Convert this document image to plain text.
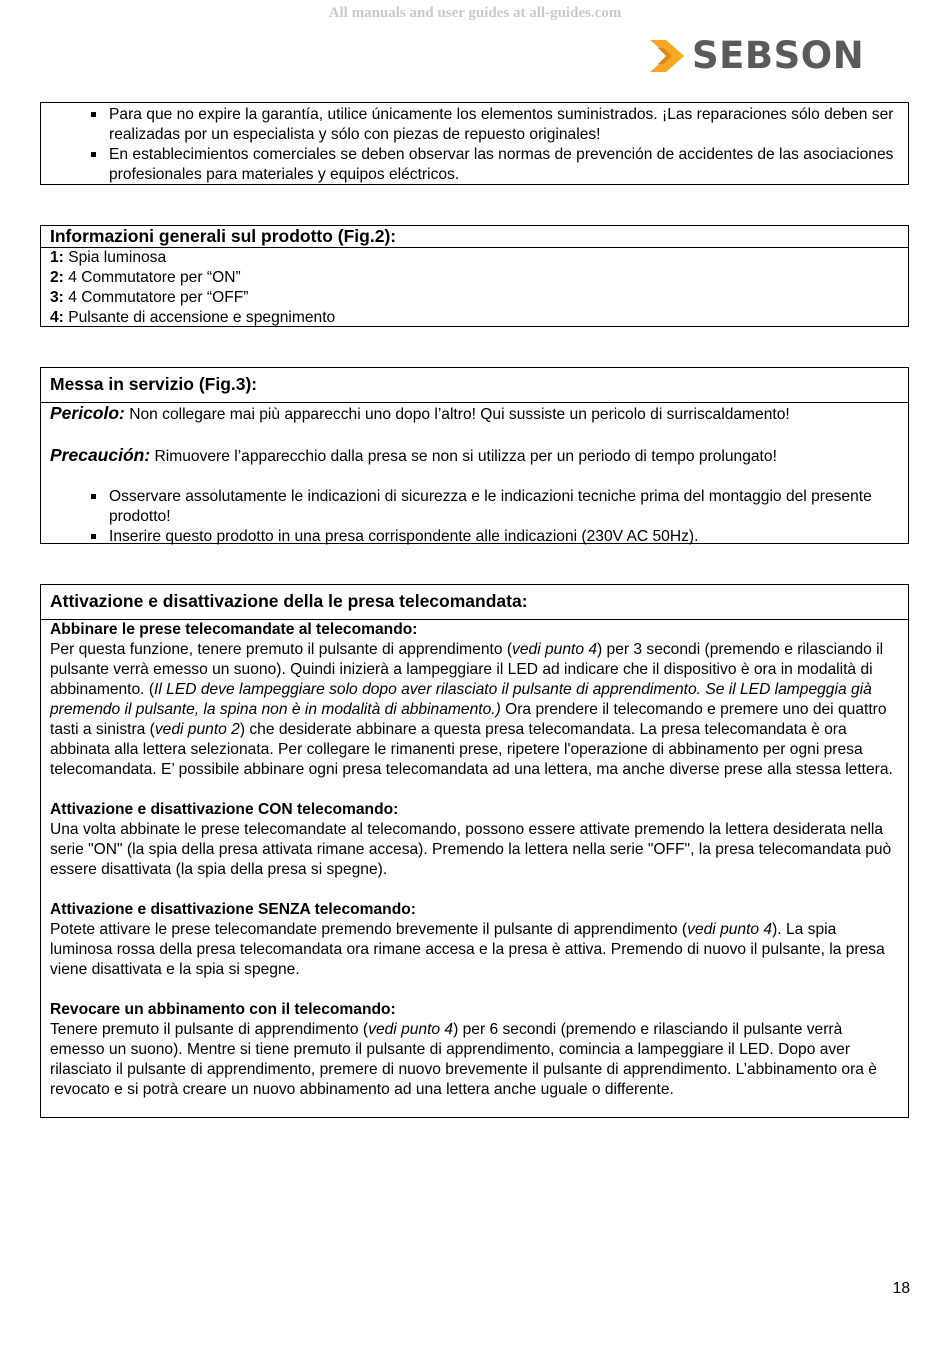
All manuals and user guides at all-guides.com
SEBSON
Para que no expire la garantía, utilice únicamente los elementos suministrados. ¡Las reparaciones sólo deben ser realizadas por un especialista y sólo con piezas de repuesto originales!
En establecimientos comerciales se deben observar las normas de prevención de accidentes de las asociaciones profesionales para materiales y equipos eléctricos.
Informazioni generali sul prodotto (Fig.2):
1: Spia luminosa
2: 4 Commutatore per “ON”
3: 4 Commutatore per “OFF”
4: Pulsante di accensione e spegnimento
Messa in servizio (Fig.3):
Pericolo: Non collegare mai più apparecchi uno dopo l’altro! Qui sussiste un pericolo di surriscaldamento!
Precaución: Rimuovere l’apparecchio dalla presa se non si utilizza per un periodo di tempo prolungato!
Osservare assolutamente le indicazioni di sicurezza e le indicazioni tecniche prima del montaggio del presente prodotto!
Inserire questo prodotto in una presa corrispondente alle indicazioni (230V AC 50Hz).
Attivazione e disattivazione della le presa telecomandata:
Abbinare le prese telecomandate al telecomando:
Per questa funzione, tenere premuto il pulsante di apprendimento (vedi punto 4) per 3 secondi (premendo e rilasciando il pulsante verrà emesso un suono). Quindi inizierà a lampeggiare il LED ad indicare che il dispositivo è ora in modalità di abbinamento. (Il LED deve lampeggiare solo dopo aver rilasciato il pulsante di apprendimento. Se il LED lampeggia già premendo il pulsante, la spina non è in modalità di abbinamento.) Ora prendere il telecomando e premere uno dei quattro tasti a sinistra (vedi punto 2) che desiderate abbinare a questa presa telecomandata. La presa telecomandata è ora abbinata alla lettera selezionata. Per collegare le rimanenti prese, ripetere l'operazione di abbinamento per ogni presa telecomandata. E’ possibile abbinare ogni presa telecomandata ad una lettera, ma anche diverse prese alla stessa lettera.
Attivazione e disattivazione CON telecomando:
Una volta abbinate le prese telecomandate al telecomando, possono essere attivate premendo la lettera desiderata nella serie "ON" (la spia della presa attivata rimane accesa). Premendo la lettera nella serie "OFF", la presa telecomandata può essere disattivata (la spia della presa si spegne).
Attivazione e disattivazione SENZA telecomando:
Potete attivare le prese telecomandate premendo brevemente il pulsante di apprendimento (vedi punto 4). La spia luminosa rossa della presa telecomandata ora rimane accesa e la presa è attiva. Premendo di nuovo il pulsante, la presa viene disattivata e la spia si spegne.
Revocare un abbinamento con il telecomando:
Tenere premuto il pulsante di apprendimento (vedi punto 4) per 6 secondi (premendo e rilasciando il pulsante verrà emesso un suono). Mentre si tiene premuto il pulsante di apprendimento, comincia a lampeggiare il LED. Dopo aver rilasciato il pulsante di apprendimento, premere di nuovo brevemente il pulsante di apprendimento. L’abbinamento ora è revocato e si potrà creare un nuovo abbinamento ad una lettera anche uguale o differente.
18
